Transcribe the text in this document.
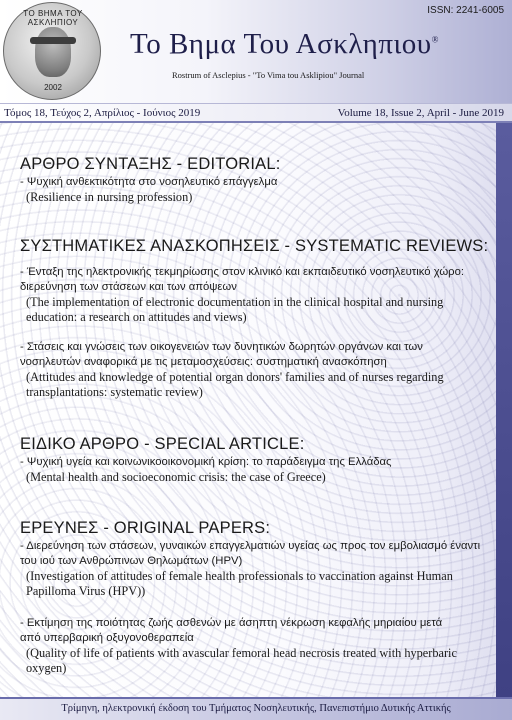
ΤΟ ΒΗΜΑ ΤΟΥ ΑΣΚΛΗΠΙΟΥ
2002
ISSN: 2241-6005
Το Βημα Του Ασκληπιου®
Rostrum of Asclepius - "To Vima tou Asklipiou" Journal
Τόμος 18, Τεύχος 2, Απρίλιος - Ιούνιος 2019	Volume 18, Issue 2, April - June 2019
ΑΡΘΡΟ ΣΥΝΤΑΞΗΣ - EDITORIAL:
- Ψυχική ανθεκτικότητα στο νοσηλευτικό επάγγελμα
(Resilience in nursing profession)
ΣΥΣΤΗΜΑΤΙΚΕΣ ΑΝΑΣΚΟΠΗΣΕΙΣ - SYSTEMATIC REVIEWS:
- Ένταξη της ηλεκτρονικής τεκμηρίωσης στον κλινικό και εκπαιδευτικό νοσηλευτικό χώρο: διερεύνηση των στάσεων και των απόψεων
(The implementation of electronic documentation in the clinical hospital and nursing education: a research on attitudes and views)
- Στάσεις και γνώσεις των οικογενειών των δυνητικών δωρητών οργάνων και των νοσηλευτών αναφορικά με τις μεταμοσχεύσεις: συστηματική ανασκόπηση
(Attitudes and knowledge of potential organ donors' families and of nurses regarding transplantations: systematic review)
ΕΙΔΙΚΟ ΑΡΘΡΟ - SPECIAL ARTICLE:
- Ψυχική υγεία και κοινωνικοοικονομική κρίση: το παράδειγμα της Ελλάδας
(Mental health and socioeconomic crisis: the case of Greece)
ΕΡΕΥΝΕΣ - ORIGINAL PAPERS:
- Διερεύνηση των στάσεων, γυναικών επαγγελματιών υγείας ως προς τον εμβολιασμό έναντι του ιού των Ανθρώπινων Θηλωμάτων (HPV)
(Investigation of attitudes of female health professionals to vaccination against Human Papilloma Virus (HPV))
- Εκτίμηση της ποιότητας ζωής ασθενών με άσηπτη νέκρωση κεφαλής μηριαίου μετά από υπερβαρική οξυγονοθεραπεία
(Quality of life of patients with avascular femoral head necrosis treated with hyperbaric oxygen)
Τρίμηνη, ηλεκτρονική έκδοση του Τμήματος Νοσηλευτικής, Πανεπιστήμιο Δυτικής Αττικής
